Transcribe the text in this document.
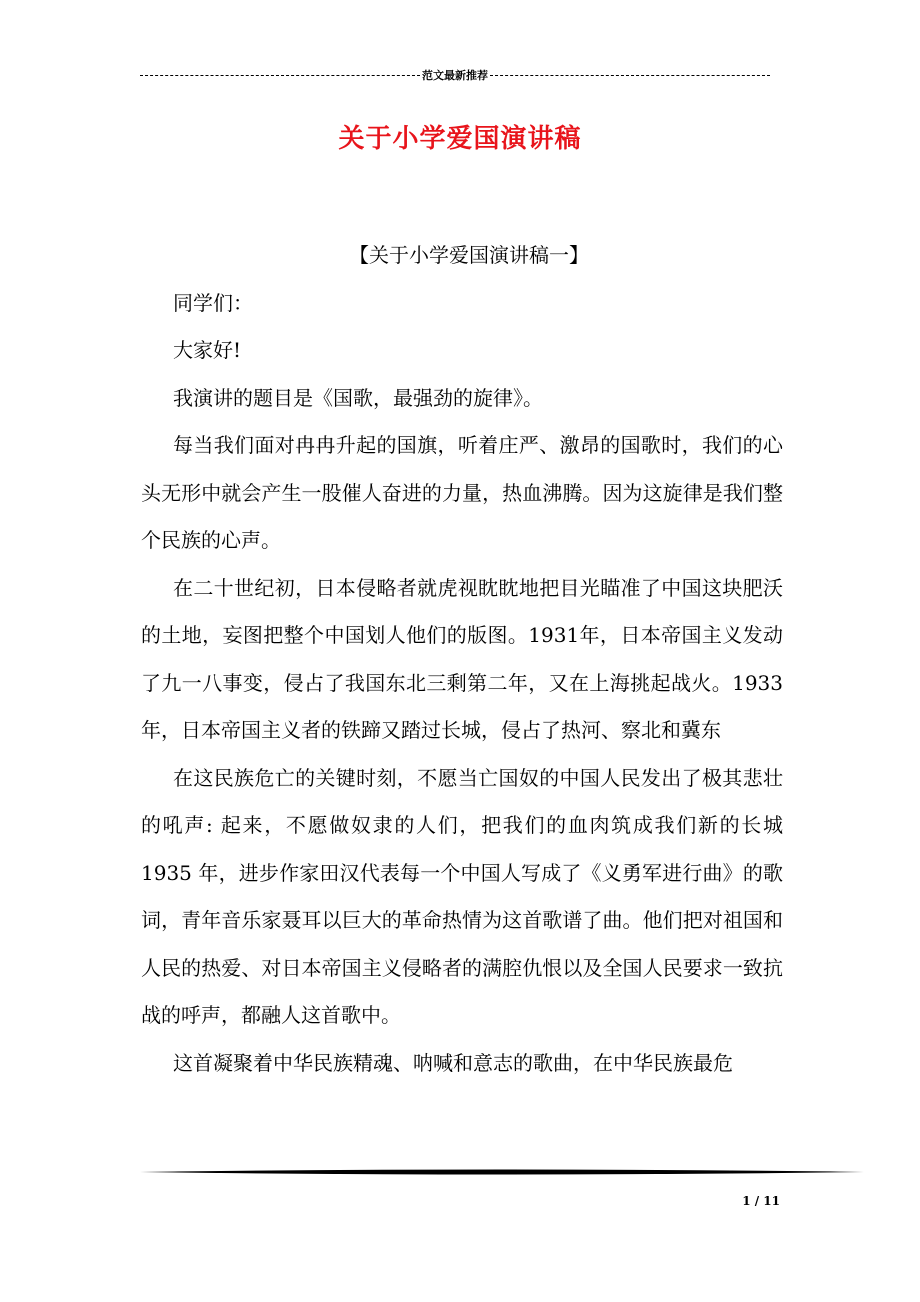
范文最新推荐
关于小学爱国演讲稿

【关于小学爱国演讲稿一】

同学们：

大家好!

我演讲的题目是《国歌，最强劲的旋律》。

每当我们面对冉冉升起的国旗，听着庄严、激昂的国歌时，我们的心头无形中就会产生一股催人奋进的力量，热血沸腾。因为这旋律是我们整个民族的心声。

在二十世纪初，日本侵略者就虎视眈眈地把目光瞄准了中国这块肥沃的土地，妄图把整个中国划人他们的版图。1931年，日本帝国主义发动了九一八事变，侵占了我国东北三剩第二年，又在上海挑起战火。1933年，日本帝国主义者的铁蹄又踏过长城，侵占了热河、察北和冀东

在这民族危亡的关键时刻，不愿当亡国奴的中国人民发出了极其悲壮的吼声: 起来，不愿做奴隶的人们，把我们的血肉筑成我们新的长城1935 年，进步作家田汉代表每一个中国人写成了《义勇军进行曲》的歌词，青年音乐家聂耳以巨大的革命热情为这首歌谱了曲。他们把对祖国和人民的热爱、对日本帝国主义侵略者的满腔仇恨以及全国人民要求一致抗战的呼声，都融人这首歌中。

这首凝聚着中华民族精魂、呐喊和意志的歌曲，在中华民族最危

1 / 11
